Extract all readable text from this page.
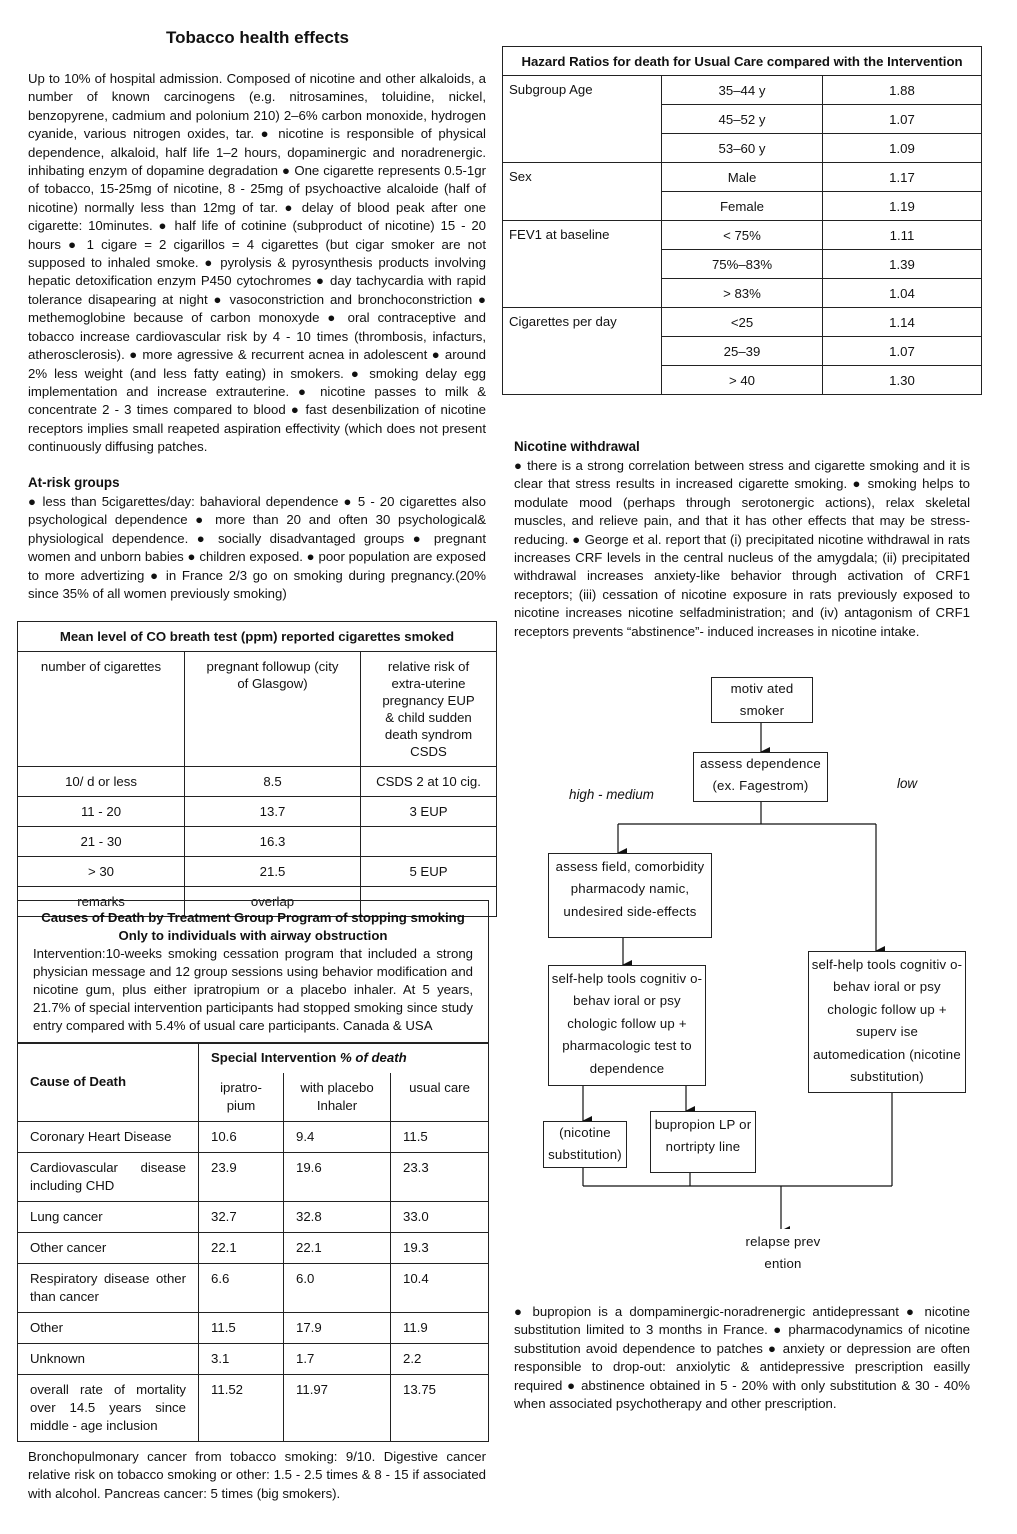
Tobacco health effects
Up to 10% of hospital admission. Composed of nicotine and other alkaloids, a number of known carcinogens (e.g. nitrosamines, toluidine, nickel, benzopyrene, cadmium and polonium 210) 2–6% carbon monoxide, hydrogen cyanide, various nitrogen oxides, tar. ● nicotine is responsible of physical dependence, alkaloid, half life 1–2 hours, dopaminergic and noradrenergic. inhibating enzym of dopamine degradation ● One cigarette represents 0.5-1gr of tobacco, 15-25mg of nicotine, 8 - 25mg of psychoactive alcaloide (half of nicotine) normally less than 12mg of tar. ● delay of blood peak after one cigarette: 10minutes. ● half life of cotinine (subproduct of nicotine) 15 - 20 hours ● 1 cigare = 2 cigarillos = 4 cigarettes (but cigar smoker are not supposed to inhaled smoke. ● pyrolysis & pyrosynthesis products involving hepatic detoxification enzym P450 cytochromes ● day tachycardia with rapid tolerance disapearing at night ● vasoconstriction and bronchoconstriction ● methemoglobine because of carbon monoxyde ● oral contraceptive and tobacco increase cardiovascular risk by 4 - 10 times (thrombosis, infacturs, atherosclerosis). ● more agressive & recurrent acnea in adolescent ● around 2% less weight (and less fatty eating) in smokers. ● smoking delay egg implementation and increase extrauterine. ● nicotine passes to milk & concentrate 2 - 3 times compared to blood ● fast desenbilization of nicotine receptors implies small reapeted aspiration effectivity (which does not present continuously diffusing patches.
At-risk groups
● less than 5cigarettes/day: bahavioral dependence ● 5 - 20 cigarettes also psychological dependence ● more than 20 and often 30 psychological& physiological dependence. ● socially disadvantaged groups ● pregnant women and unborn babies ● children exposed. ● poor population are exposed to more advertizing ● in France 2/3 go on smoking during pregnancy.(20% since 35% of all women previously smoking)
Mean level of CO breath test (ppm) reported cigarettes smoked		
number of cigarettes	pregnant followup (city of Glasgow)	relative risk of extra-uterine pregnancy EUP & child sudden death syndrom CSDS
10/ d or less	8.5	CSDS 2 at 10 cig.
11 - 20	13.7	3 EUP
21 - 30	16.3	
> 30	21.5	5 EUP
remarks	overlap	
Causes of Death by Treatment Group Program of stopping smoking
Only to individuals with airway obstruction
Intervention:10-weeks smoking cessation program that included a strong physician message and 12 group sessions using behavior modification and nicotine gum, plus either ipratropium or a placebo inhaler. At 5 years, 21.7% of special intervention participants had stopped smoking since study entry compared with 5.4% of usual care participants. Canada & USA
Cause of Death	Special Intervention % of death		
	ipratro-pium	with placebo Inhaler	usual care
Coronary Heart Disease	10.6	9.4	11.5
Cardiovascular disease including CHD	23.9	19.6	23.3
Lung cancer	32.7	32.8	33.0
Other cancer	22.1	22.1	19.3
Respiratory disease other than cancer	6.6	6.0	10.4
Other	11.5	17.9	11.9
Unknown	3.1	1.7	2.2
overall rate of mortality over 14.5 years since middle - age inclusion	11.52	11.97	13.75
Bronchopulmonary cancer from tobacco smoking: 9/10. Digestive cancer relative risk on tobacco smoking or other: 1.5 - 2.5 times & 8 - 15 if associated with alcohol. Pancreas cancer: 5 times (big smokers).
Hazard Ratios for death for Usual Care compared with the Intervention		
Subgroup Age	35–44 y	1.88
	45–52 y	1.07
	53–60 y	1.09
Sex	Male	1.17
	Female	1.19
FEV1 at baseline	< 75%	1.11
	75%–83%	1.39
	> 83%	1.04
Cigarettes per day	<25	1.14
	25–39	1.07
	> 40	1.30
Nicotine withdrawal
● there is a strong correlation between stress and cigarette smoking and it is clear that stress results in increased cigarette smoking. ● smoking helps to modulate mood (perhaps through serotonergic actions), relax skeletal muscles, and relieve pain, and that it has other effects that may be stress-reducing. ● George et al. report that (i) precipitated nicotine withdrawal in rats increases CRF levels in the central nucleus of the amygdala; (ii) precipitated withdrawal increases anxiety-like behavior through activation of CRF1 receptors; (iii) cessation of nicotine exposure in rats previously exposed to nicotine increases nicotine selfadministration; and (iv) antagonism of CRF1 receptors prevents “abstinence”- induced increases in nicotine intake.
motiv ated smoker
assess dependence (ex. Fagestrom)
high - medium
low
assess field, comorbidity pharmacody namic, undesired side-effects
self-help tools cognitiv o-behav ioral or psy chologic follow up + pharmacologic test to dependence
self-help tools cognitiv o-behav ioral or psy chologic follow up + superv ise automedication (nicotine substitution)
(nicotine substitution)
bupropion LP or nortripty line
relapse prev ention
● bupropion is a dompaminergic-noradrenergic antidepressant ● nicotine substitution limited to 3 months in France. ● pharmacodynamics of nicotine substitution avoid dependence to patches ● anxiety or depression are often responsible to drop-out: anxiolytic & antidepressive prescription easilly required ● abstinence obtained in 5 - 20% with only substitution & 30 - 40% when associated psychotherapy and other prescription.
